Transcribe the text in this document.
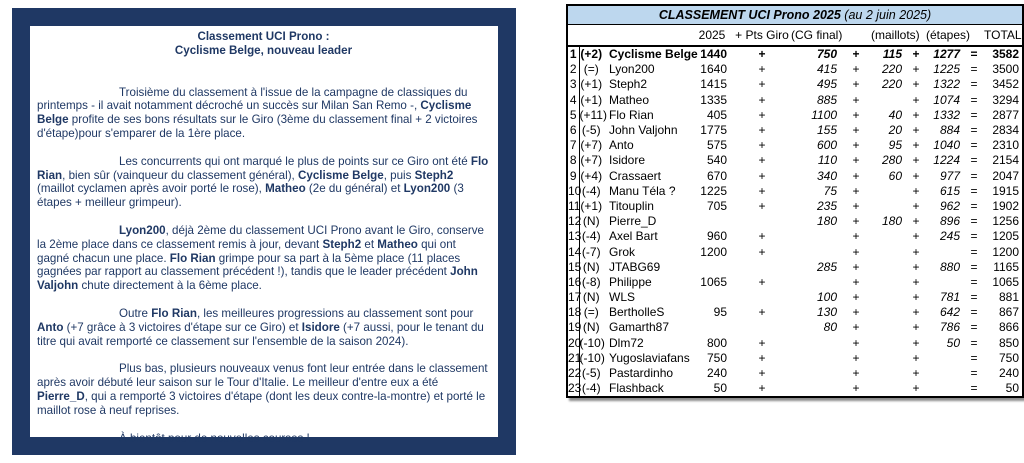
Classement UCI Prono :
Cyclisme Belge, nouveau leader

Troisième du classement à l'issue de la campagne de classiques du printemps - il avait notamment décroché un succès sur Milan San Remo -, Cyclisme Belge profite de ses bons résultats sur le Giro (3ème du classement final + 2 victoires d'étape)pour s'emparer de la 1ère place.

Les concurrents qui ont marqué le plus de points sur ce Giro ont été Flo Rian, bien sûr (vainqueur du classement général), Cyclisme Belge, puis Steph2 (maillot cyclamen après avoir porté le rose), Matheo (2e du général) et Lyon200 (3 étapes + meilleur grimpeur).

Lyon200, déjà 2ème du classement UCI Prono avant le Giro, conserve la 2ème place dans ce classement remis à jour, devant Steph2 et Matheo qui ont gagné chacun une place. Flo Rian grimpe pour sa part à la 5ème place (11 places gagnées par rapport au classement précédent !), tandis que le leader précédent John Valjohn chute directement à la 6ème place.

Outre Flo Rian, les meilleures progressions au classement sont pour Anto (+7 grâce à 3 victoires d'étape sur ce Giro) et Isidore (+7 aussi, pour le tenant du titre qui avait remporté ce classement sur l'ensemble de la saison 2024).

Plus bas, plusieurs nouveaux venus font leur entrée dans le classement après avoir débuté leur saison sur le Tour d'Italie. Le meilleur d'entre eux a été Pierre_D, qui a remporté 3 victoires d'étape (dont les deux contre-la-montre) et porté le maillot rose à neuf reprises.

À bientôt pour de nouvelles courses !

CLASSEMENT UCI Prono 2025 (au 2 juin 2025)											
			2025	+ Pts Giro	(CG final)		(maillots)		(étapes)		TOTAL
1	(+2)	Cyclisme Belge	1440	+	750	+	115	+	1277	=	3582
2	(=)	Lyon200	1640	+	415	+	220	+	1225	=	3500
3	(+1)	Steph2	1415	+	495	+	220	+	1322	=	3452
4	(+1)	Matheo	1335	+	885	+		+	1074	=	3294
5	(+11)	Flo Rian	405	+	1100	+	40	+	1332	=	2877
6	(-5)	John Valjohn	1775	+	155	+	20	+	884	=	2834
7	(+7)	Anto	575	+	600	+	95	+	1040	=	2310
8	(+7)	Isidore	540	+	110	+	280	+	1224	=	2154
9	(+4)	Crassaert	670	+	340	+	60	+	977	=	2047
10	(-4)	Manu Téla ?	1225	+	75	+		+	615	=	1915
11	(+1)	Titouplin	705	+	235	+		+	962	=	1902
12	(N)	Pierre_D			180	+	180	+	896	=	1256
13	(-4)	Axel Bart	960	+		+		+	245	=	1205
14	(-7)	Grok	1200	+		+		+		=	1200
15	(N)	JTABG69			285	+		+	880	=	1165
16	(-8)	Philippe	1065	+		+		+		=	1065
17	(N)	WLS			100	+		+	781	=	881
18	(=)	BertholleS	95	+	130	+		+	642	=	867
19	(N)	Gamarth87			80	+		+	786	=	866
20	(-10)	Dlm72	800	+		+		+	50	=	850
21	(-10)	Yugoslaviafans	750	+		+		+		=	750
22	(-5)	Pastardinho	240	+		+		+		=	240
23	(-4)	Flashback	50	+		+		+		=	50
